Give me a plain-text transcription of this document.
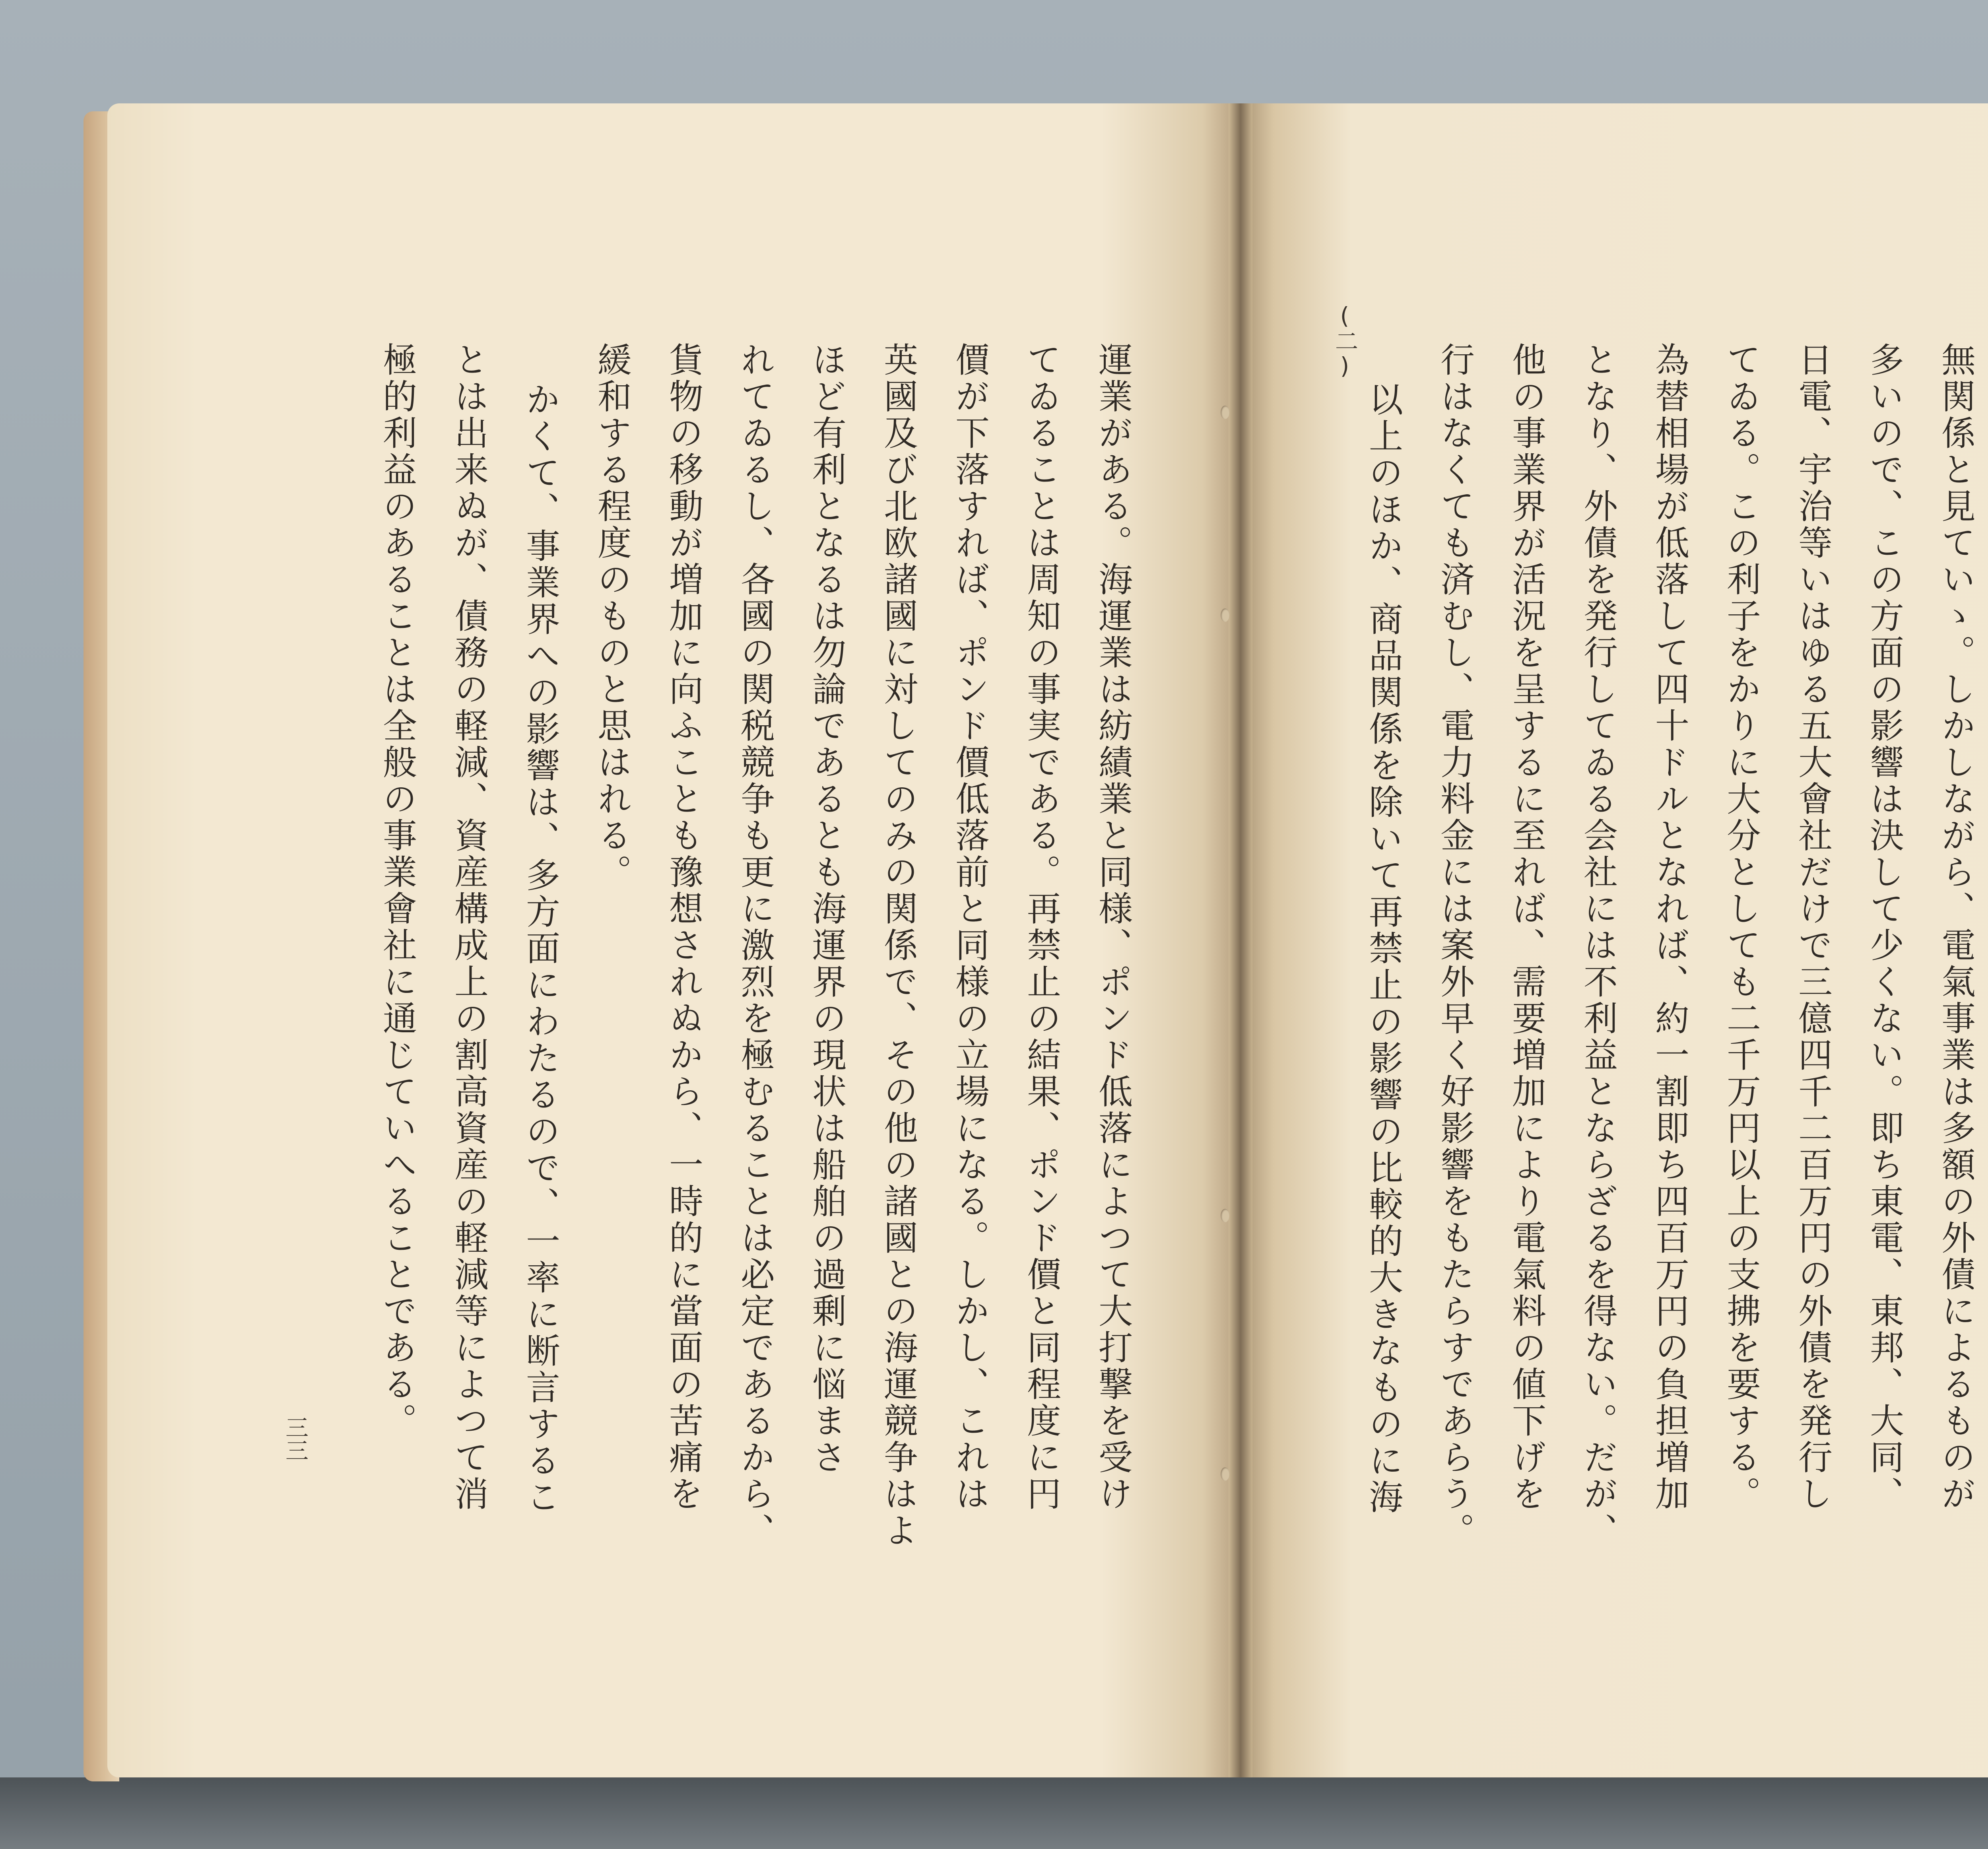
無関係と見ていゝ。しかしながら、電氣事業は多額の外債によるものが
多いので、この方面の影響は決して少くない。即ち東電、東邦、大同、
日電、宇治等いはゆる五大會社だけで三億四千二百万円の外債を発行し
てゐる。この利子をかりに大分としても二千万円以上の支拂を要する。
為替相場が低落して四十ドルとなれば、約一割即ち四百万円の負担増加
となり、外債を発行してゐる会社には不利益とならざるを得ない。だが、
他の事業界が活況を呈するに至れば、需要増加により電氣料の値下げを
行はなくても済むし、電力料金には案外早く好影響をもたらすであらう。
以上のほか、商品関係を除いて再禁止の影響の比較的大きなものに海
(二)
運業がある。海運業は紡績業と同様、ポンド低落によつて大打撃を受け
てゐることは周知の事実である。再禁止の結果、ポンド價と同程度に円
價が下落すれば、ポンド價低落前と同様の立場になる。しかし、これは
英國及び北欧諸國に対してのみの関係で、その他の諸國との海運競争はよ
ほど有利となるは勿論であるとも海運界の現状は船舶の過剰に悩まさ
れてゐるし、各國の関税競争も更に激烈を極むることは必定であるから、
貨物の移動が増加に向ふことも豫想されぬから、一時的に當面の苦痛を
緩和する程度のものと思はれる。
かくて、事業界への影響は、多方面にわたるので、一率に断言するこ
とは出来ぬが、債務の軽減、資産構成上の割高資産の軽減等によつて消
極的利益のあることは全般の事業會社に通じていへることである。
三三
